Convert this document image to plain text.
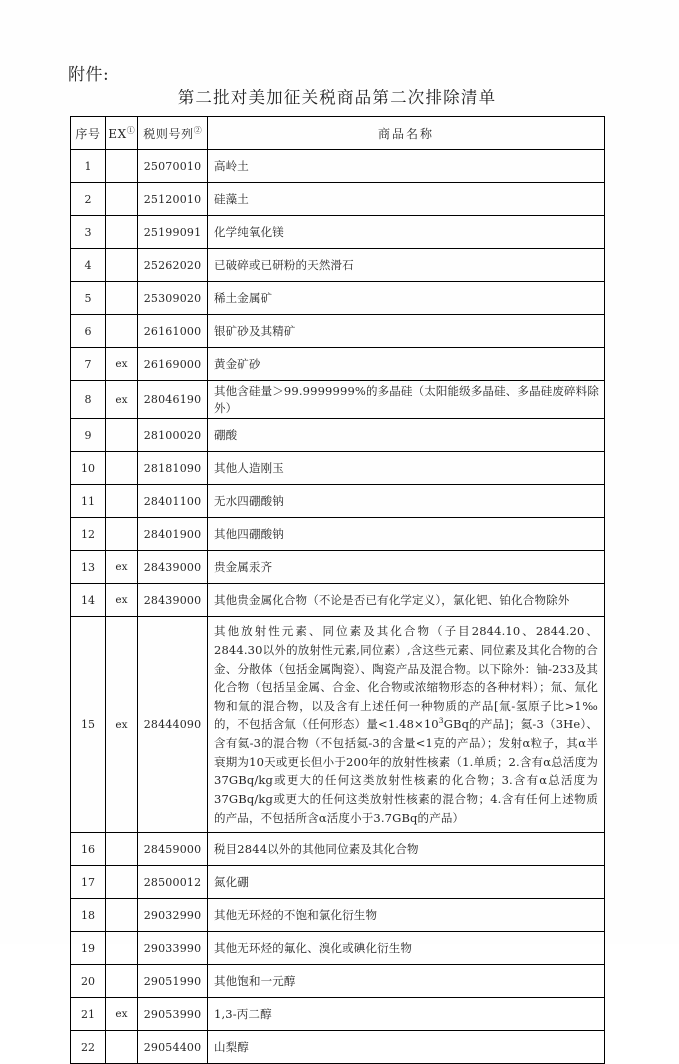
附件:
第二批对美加征关税商品第二次排除清单
序号	EX①	税则号列②	商品名称
1		25070010	高岭土
2		25120010	硅藻土
3		25199091	化学纯氧化镁
4		25262020	已破碎或已研粉的天然滑石
5		25309020	稀土金属矿
6		26161000	银矿砂及其精矿
7	ex	26169000	黄金矿砂
8	ex	28046190	其他含硅量＞99.9999999%的多晶硅（太阳能级多晶硅、多晶硅废碎料除外）
9		28100020	硼酸
10		28181090	其他人造刚玉
11		28401100	无水四硼酸钠
12		28401900	其他四硼酸钠
13	ex	28439000	贵金属汞齐
14	ex	28439000	其他贵金属化合物（不论是否已有化学定义），氯化钯、铂化合物除外
15	ex	28444090	其他放射性元素、同位素及其化合物（子目2844.10、2844.20、2844.30以外的放射性元素,同位素）,含这些元素、同位素及其化合物的合金、分散体（包括金属陶瓷）、陶瓷产品及混合物。以下除外：铀-233及其化合物（包括呈金属、合金、化合物或浓缩物形态的各种材料）；氚、氚化物和氚的混合物，以及含有上述任何一种物质的产品[氚-氢原子比>1‰的，不包括含氚（任何形态）量$<1.48\times 10^3GBq$的产品]；氦-3（3He）、含有氦-3的混合物（不包括氦-3的含量<1克的产品）；发射α粒子，其α半衰期为10天或更长但小于200年的放射性核素（1.单质；2.含有α总活度为37GBq/kg或更大的任何这类放射性核素的化合物；3.含有α总活度为37GBq/kg或更大的任何这类放射性核素的混合物；4.含有任何上述物质的产品，不包括所含α活度小于3.7GBq的产品）
16		28459000	税目2844以外的其他同位素及其化合物
17		28500012	氮化硼
18		29032990	其他无环烃的不饱和氯化衍生物
19		29033990	其他无环烃的氟化、溴化或碘化衍生物
20		29051990	其他饱和一元醇
21	ex	29053990	1,3-丙二醇
22		29054400	山梨醇
